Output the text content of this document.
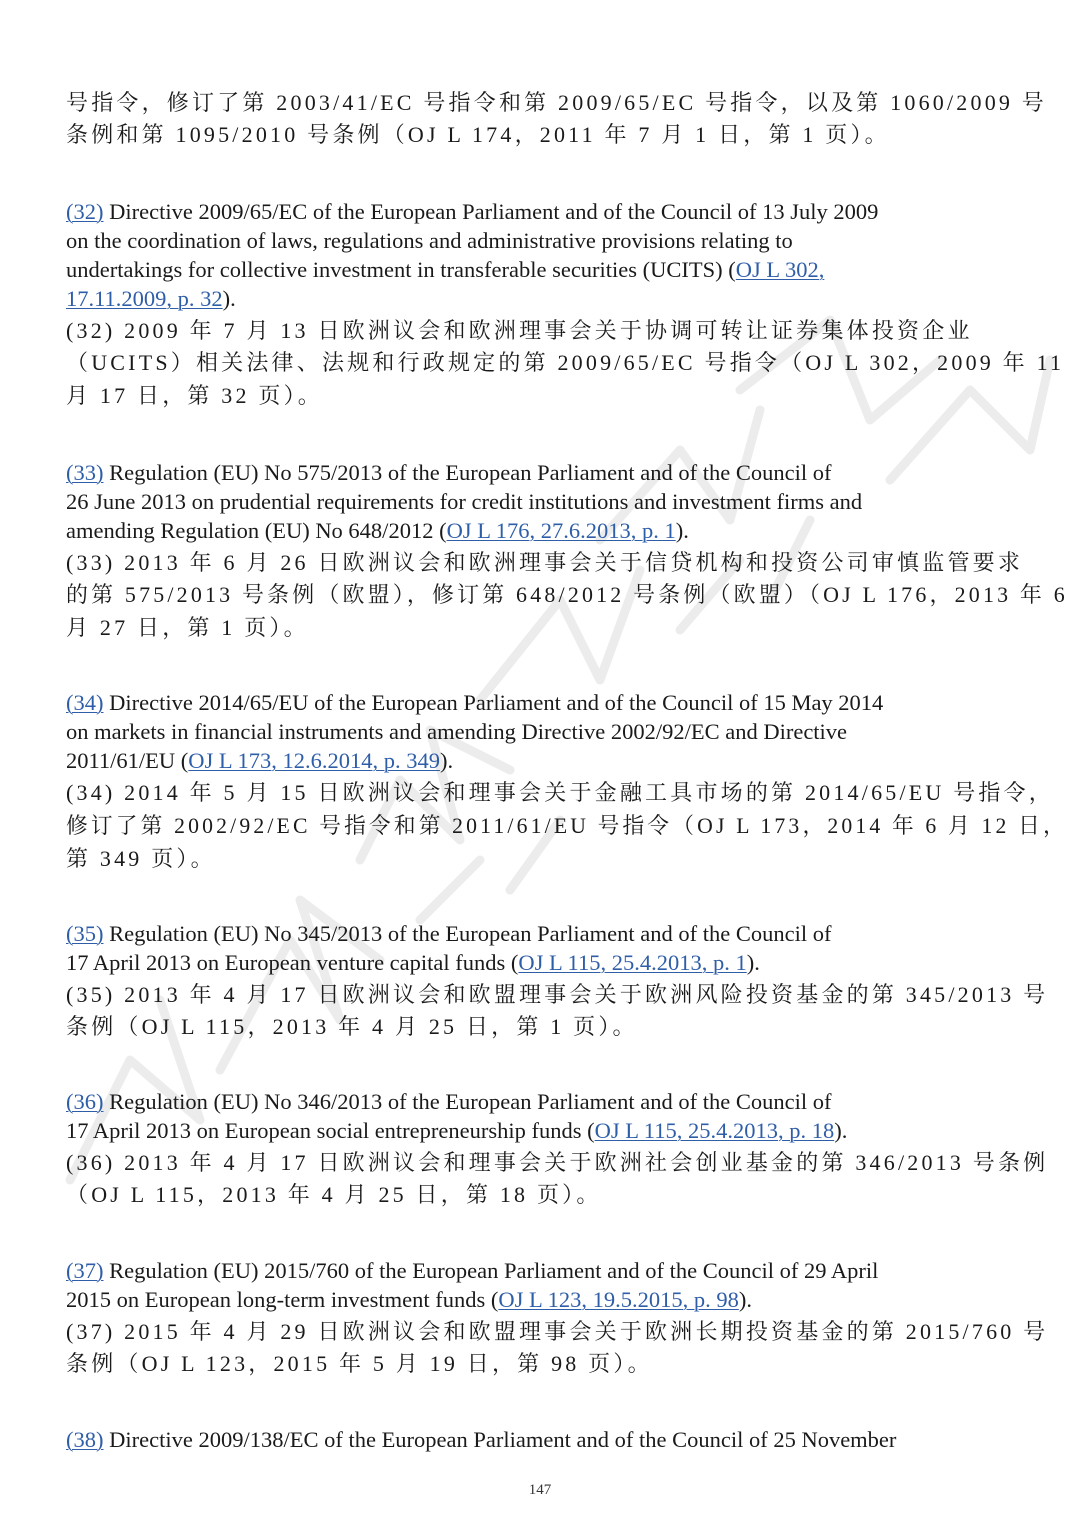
号指令，修订了第 2003/41/EC 号指令和第 2009/65/EC 号指令，以及第 1060/2009 号
条例和第 1095/2010 号条例（OJ L 174，2011 年 7 月 1 日，第 1 页）。
(32) Directive 2009/65/EC of the European Parliament and of the Council of 13 July 2009
on the coordination of laws, regulations and administrative provisions relating to
undertakings for collective investment in transferable securities (UCITS) (OJ L 302,
17.11.2009, p. 32).
(32) 2009 年 7 月 13 日欧洲议会和欧洲理事会关于协调可转让证券集体投资企业
（UCITS）相关法律、法规和行政规定的第 2009/65/EC 号指令（OJ L 302，2009 年 11
月 17 日，第 32 页）。
(33) Regulation (EU) No 575/2013 of the European Parliament and of the Council of
26 June 2013 on prudential requirements for credit institutions and investment firms and
amending Regulation (EU) No 648/2012 (OJ L 176, 27.6.2013, p. 1).
(33) 2013 年 6 月 26 日欧洲议会和欧洲理事会关于信贷机构和投资公司审慎监管要求
的第 575/2013 号条例（欧盟），修订第 648/2012 号条例（欧盟）（OJ L 176，2013 年 6
月 27 日，第 1 页）。
(34) Directive 2014/65/EU of the European Parliament and of the Council of 15 May 2014
on markets in financial instruments and amending Directive 2002/92/EC and Directive
2011/61/EU (OJ L 173, 12.6.2014, p. 349).
(34) 2014 年 5 月 15 日欧洲议会和理事会关于金融工具市场的第 2014/65/EU 号指令，
修订了第 2002/92/EC 号指令和第 2011/61/EU 号指令（OJ L 173，2014 年 6 月 12 日，
第 349 页）。
(35) Regulation (EU) No 345/2013 of the European Parliament and of the Council of
17 April 2013 on European venture capital funds (OJ L 115, 25.4.2013, p. 1).
(35) 2013 年 4 月 17 日欧洲议会和欧盟理事会关于欧洲风险投资基金的第 345/2013 号
条例（OJ L 115，2013 年 4 月 25 日，第 1 页）。
(36) Regulation (EU) No 346/2013 of the European Parliament and of the Council of
17 April 2013 on European social entrepreneurship funds (OJ L 115, 25.4.2013, p. 18).
(36) 2013 年 4 月 17 日欧洲议会和理事会关于欧洲社会创业基金的第 346/2013 号条例
（OJ L 115，2013 年 4 月 25 日，第 18 页）。
(37) Regulation (EU) 2015/760 of the European Parliament and of the Council of 29 April
2015 on European long-term investment funds (OJ L 123, 19.5.2015, p. 98).
(37) 2015 年 4 月 29 日欧洲议会和欧盟理事会关于欧洲长期投资基金的第 2015/760 号
条例（OJ L 123，2015 年 5 月 19 日，第 98 页）。
(38) Directive 2009/138/EC of the European Parliament and of the Council of 25 November
147
